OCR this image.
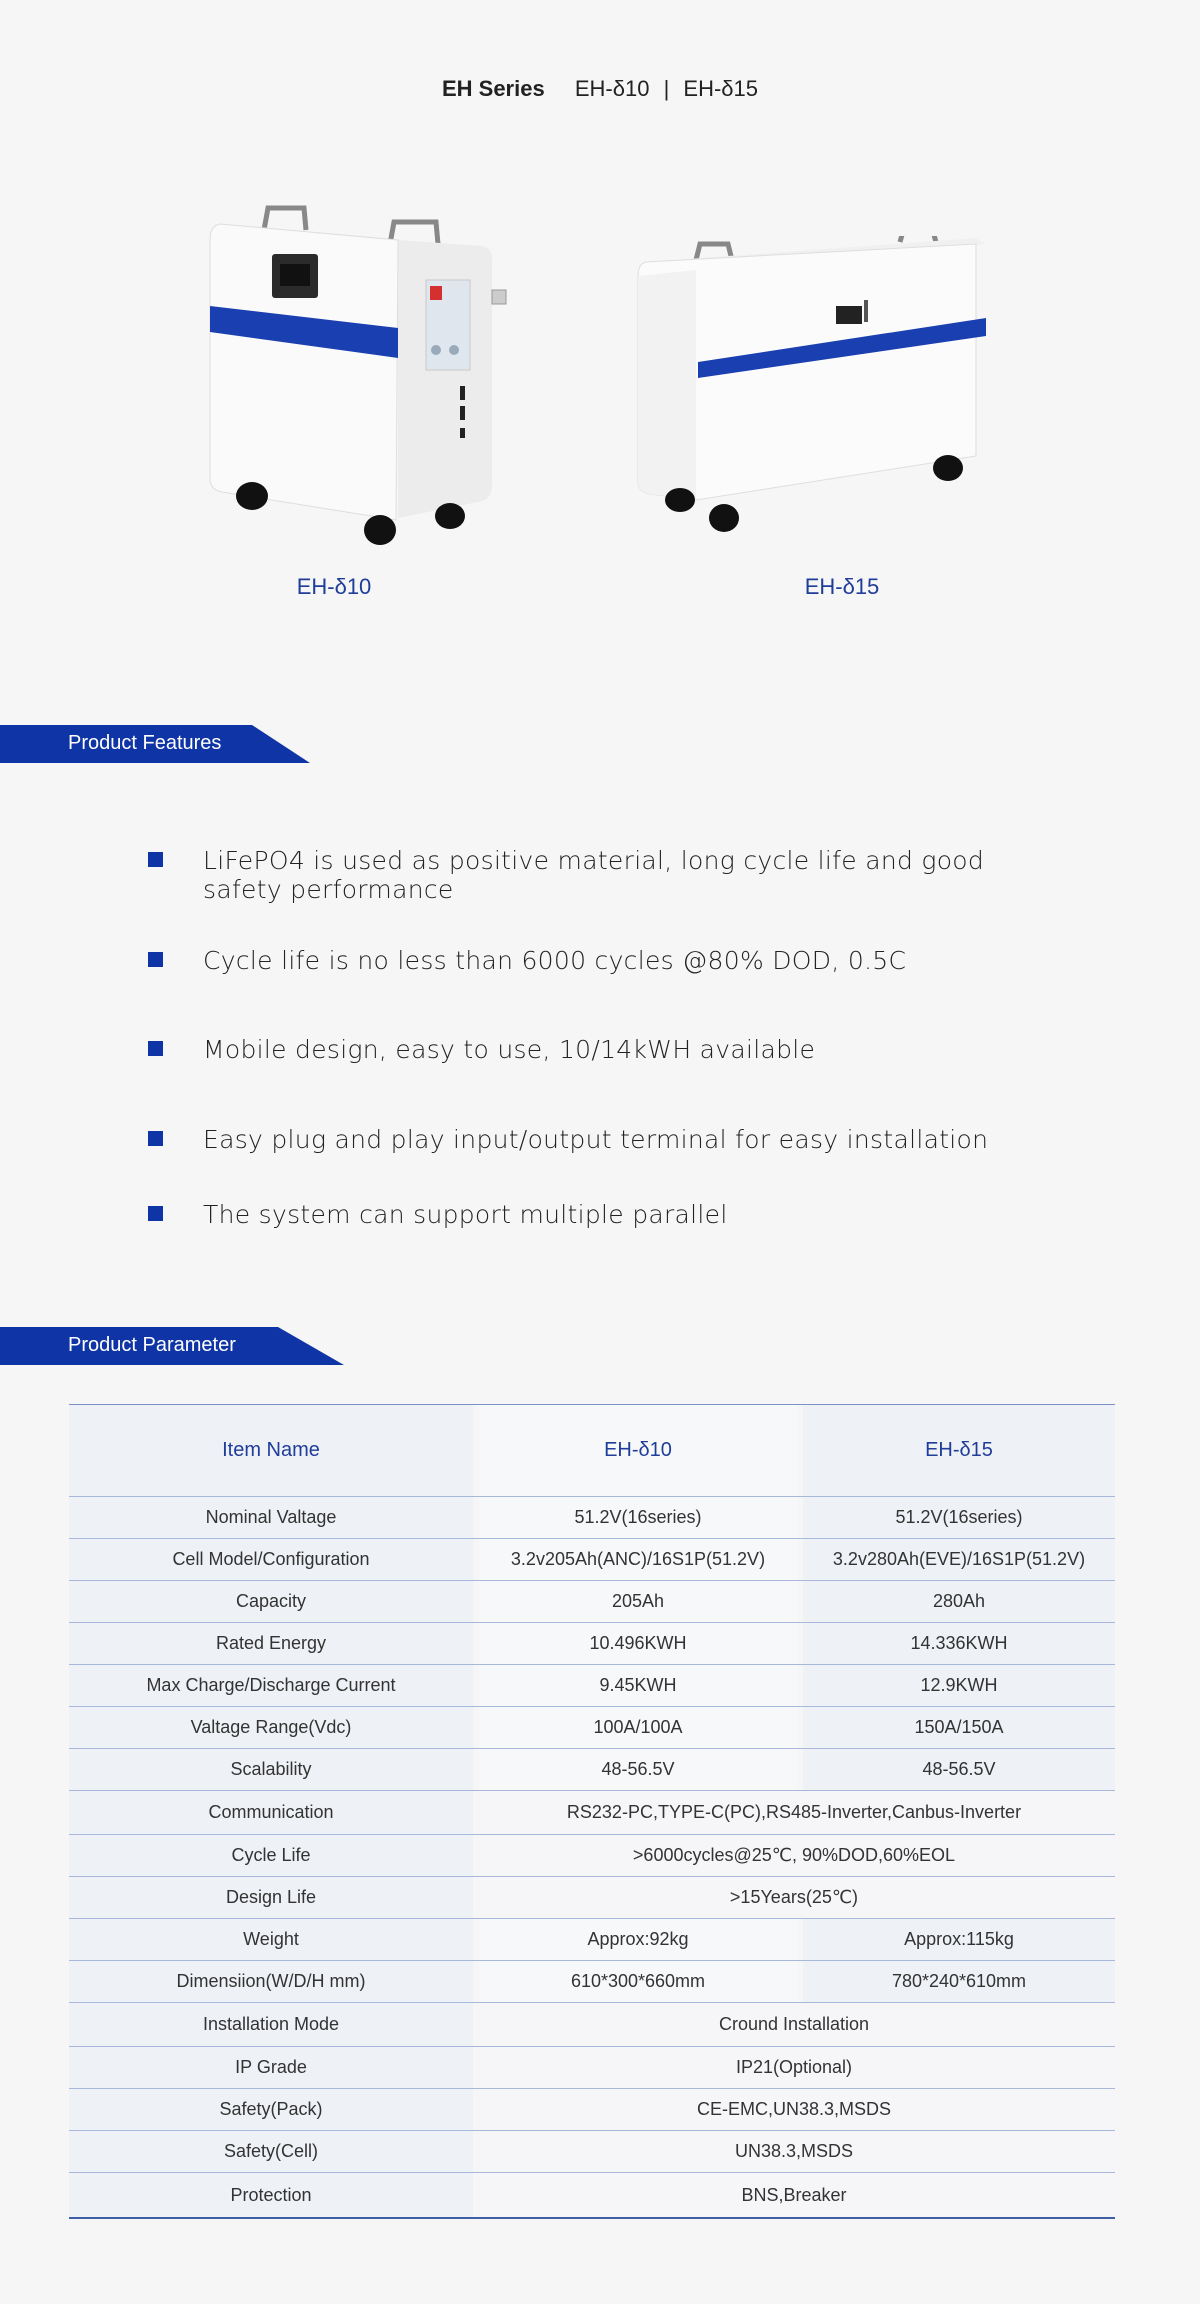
EH Series EH-δ10 | EH-δ15
EH-δ10	EH-δ15
Product Features
LiFePO4 is used as positive material, long cycle life and good safety performance
Cycle life is no less than 6000 cycles @80% DOD, 0.5C
Mobile design, easy to use, 10/14kWH available
Easy plug and play input/output terminal for easy installation
The system can support multiple parallel
Product Parameter
Item Name	EH-δ10	EH-δ15
Nominal Valtage	51.2V(16series)	51.2V(16series)
Cell Model/Configuration	3.2v205Ah(ANC)/16S1P(51.2V)	3.2v280Ah(EVE)/16S1P(51.2V)
Capacity	205Ah	280Ah
Rated Energy	10.496KWH	14.336KWH
Max Charge/Discharge Current	9.45KWH	12.9KWH
Valtage Range(Vdc)	100A/100A	150A/150A
Scalability	48-56.5V	48-56.5V
Communication	RS232-PC,TYPE-C(PC),RS485-Inverter,Canbus-Inverter
Cycle Life	>6000cycles@25℃, 90%DOD,60%EOL
Design Life	>15Years(25℃)
Weight	Approx:92kg	Approx:115kg
Dimensiion(W/D/H mm)	610*300*660mm	780*240*610mm
Installation Mode	Cround Installation
IP Grade	IP21(Optional)
Safety(Pack)	CE-EMC,UN38.3,MSDS
Safety(Cell)	UN38.3,MSDS
Protection	BNS,Breaker
